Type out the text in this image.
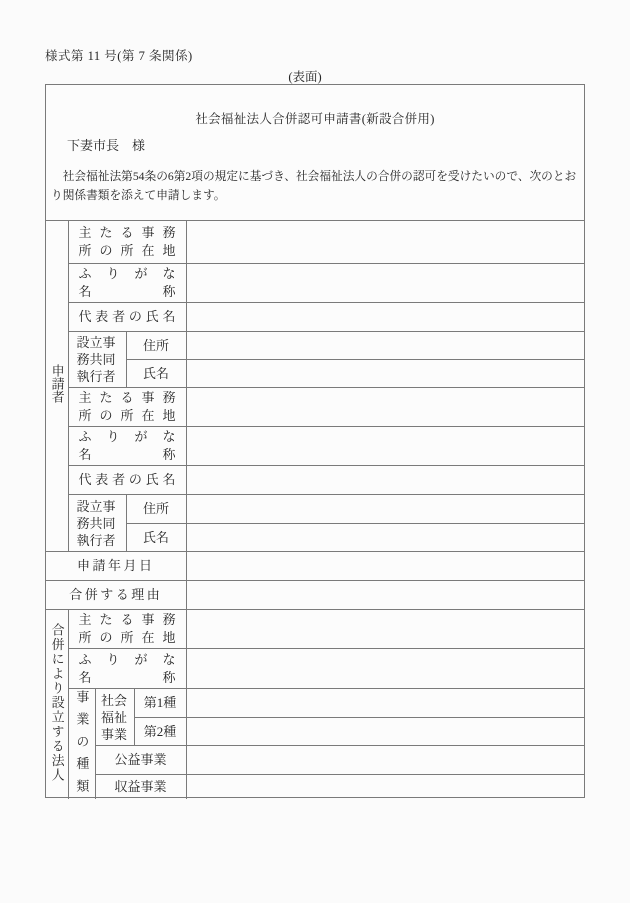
様式第 11 号(第 7 条関係)
(表面)
社会福祉法人合併認可申請書(新設合併用)
下妻市長　様
　社会福祉法第54条の6第2項の規定に基づき、社会福祉法人の合併の認可を受けたいので、次のとお
り関係書類を添えて申請します。
申請者	主たる事務
所の所在地				

	ふりがな
名称				

	代表者の氏名				

	設立事務共同執行者		住所		
			氏名		

	主たる事務
所の所在地				

	ふりがな
名称				

	代表者の氏名				

	設立事務共同執行者		住所		
			氏名		
申請年月日					
合併する理由					
合併により設立する法人	主たる事務
所の所在地				

	ふりがな
名称				

	事業の種類	社会福祉事業		第1種	
				第2種	
		公益事業			
		収益事業			
